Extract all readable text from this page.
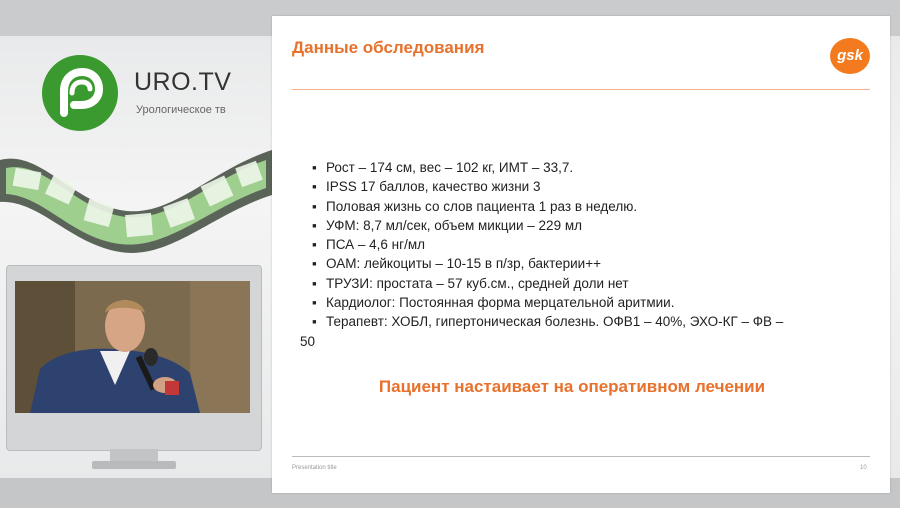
URO.TV
Урологическое тв
Данные обследования	gsk
▪ Рост – 174 см, вес – 102 кг, ИМТ – 33,7.
▪ IPSS 17 баллов, качество жизни 3
▪ Половая жизнь со слов пациента 1 раз в неделю.
▪ УФМ: 8,7 мл/сек, объем микции – 229 мл
▪ ПСА – 4,6 нг/мл
▪ ОАМ: лейкоциты – 10-15 в п/зр, бактерии++
▪ ТРУЗИ: простата – 57 куб.см., средней доли нет
▪ Кардиолог: Постоянная форма мерцательной аритмии.
▪ Терапевт: ХОБЛ, гипертоническая болезнь. ОФВ1 – 40%, ЭХО-КГ – ФВ –
50
Пациент настаивает на оперативном лечении
Presentation title	10
